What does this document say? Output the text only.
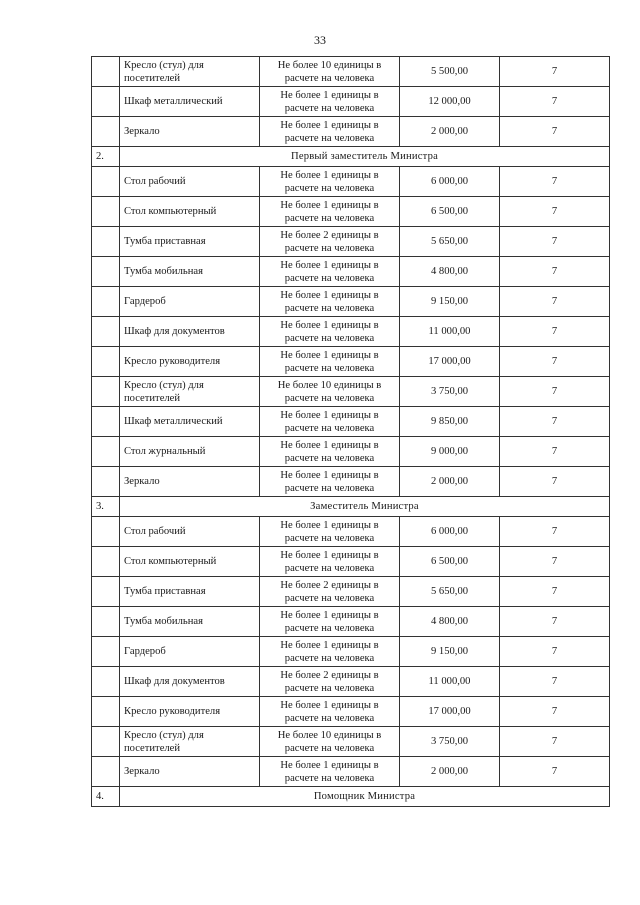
33
	Кресло (стул) для посетителей	Не более 10 единицы в расчете на человека	5 500,00	7
	Шкаф металлический	Не более 1 единицы в расчете на человека	12 000,00	7
	Зеркало	Не более 1 единицы в расчете на человека	2 000,00	7
2.	Первый заместитель Министра			
	Стол рабочий	Не более 1 единицы в расчете на человека	6 000,00	7
	Стол компьютерный	Не более 1 единицы в расчете на человека	6 500,00	7
	Тумба приставная	Не более 2 единицы в расчете на человека	5 650,00	7
	Тумба мобильная	Не более 1 единицы в расчете на человека	4 800,00	7
	Гардероб	Не более 1 единицы в расчете на человека	9 150,00	7
	Шкаф для документов	Не более 1 единицы в расчете на человека	11 000,00	7
	Кресло руководителя	Не более 1 единицы в расчете на человека	17 000,00	7
	Кресло (стул) для посетителей	Не более 10 единицы в расчете на человека	3 750,00	7
	Шкаф металлический	Не более 1 единицы в расчете на человека	9 850,00	7
	Стол журнальный	Не более 1 единицы в расчете на человека	9 000,00	7
	Зеркало	Не более 1 единицы в расчете на человека	2 000,00	7
3.	Заместитель Министра			
	Стол рабочий	Не более 1 единицы в расчете на человека	6 000,00	7
	Стол компьютерный	Не более 1 единицы в расчете на человека	6 500,00	7
	Тумба приставная	Не более 2 единицы в расчете на человека	5 650,00	7
	Тумба мобильная	Не более 1 единицы в расчете на человека	4 800,00	7
	Гардероб	Не более 1 единицы в расчете на человека	9 150,00	7
	Шкаф для документов	Не более 2 единицы в расчете на человека	11 000,00	7
	Кресло руководителя	Не более 1 единицы в расчете на человека	17 000,00	7
	Кресло (стул) для посетителей	Не более 10 единицы в расчете на человека	3 750,00	7
	Зеркало	Не более 1 единицы в расчете на человека	2 000,00	7
4.	Помощник Министра			
